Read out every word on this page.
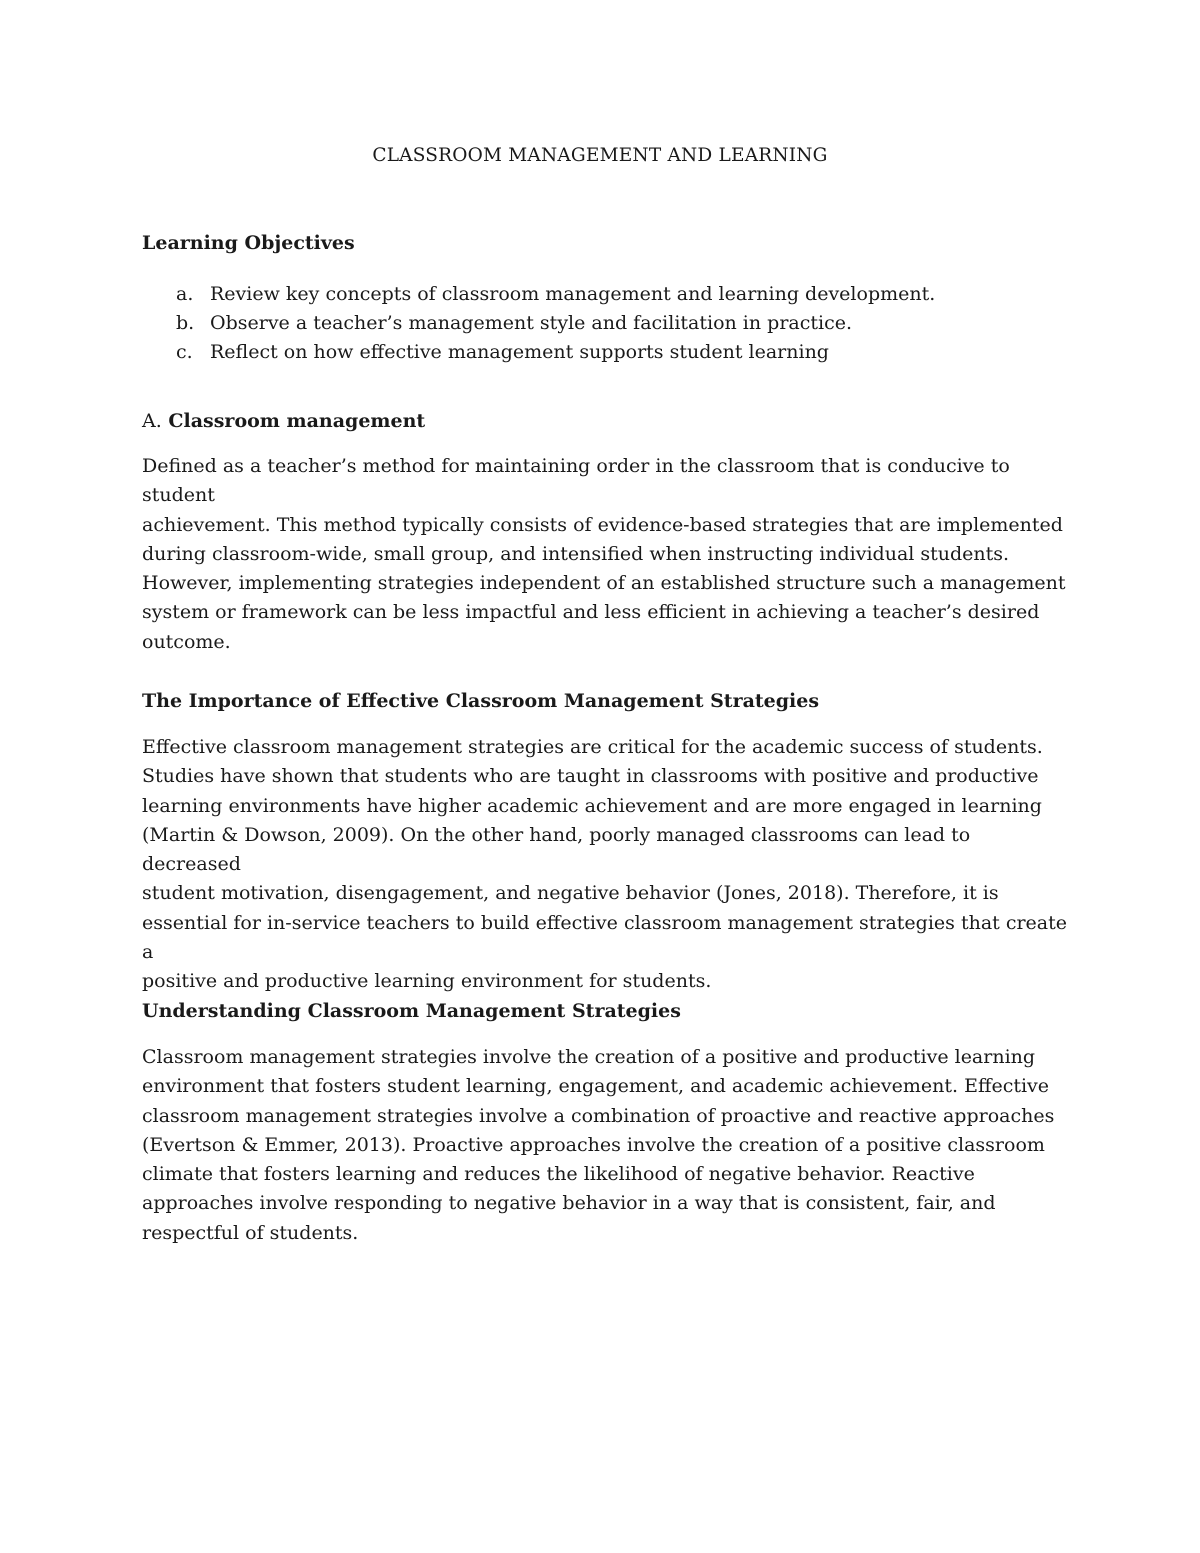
CLASSROOM MANAGEMENT AND LEARNING
Learning Objectives
a. Review key concepts of classroom management and learning development.
b. Observe a teacher’s management style and facilitation in practice.
c. Reflect on how effective management supports student learning
A. Classroom management

Defined as a teacher’s method for maintaining order in the classroom that is conducive to student
achievement. This method typically consists of evidence-based strategies that are implemented
during classroom-wide, small group, and intensified when instructing individual students.
However, implementing strategies independent of an established structure such a management
system or framework can be less impactful and less efficient in achieving a teacher’s desired
outcome.

The Importance of Effective Classroom Management Strategies

Effective classroom management strategies are critical for the academic success of students.
Studies have shown that students who are taught in classrooms with positive and productive
learning environments have higher academic achievement and are more engaged in learning
(Martin & Dowson, 2009). On the other hand, poorly managed classrooms can lead to decreased
student motivation, disengagement, and negative behavior (Jones, 2018). Therefore, it is
essential for in-service teachers to build effective classroom management strategies that create a
positive and productive learning environment for students.

Understanding Classroom Management Strategies

Classroom management strategies involve the creation of a positive and productive learning
environment that fosters student learning, engagement, and academic achievement. Effective
classroom management strategies involve a combination of proactive and reactive approaches
(Evertson & Emmer, 2013). Proactive approaches involve the creation of a positive classroom
climate that fosters learning and reduces the likelihood of negative behavior. Reactive
approaches involve responding to negative behavior in a way that is consistent, fair, and
respectful of students.
